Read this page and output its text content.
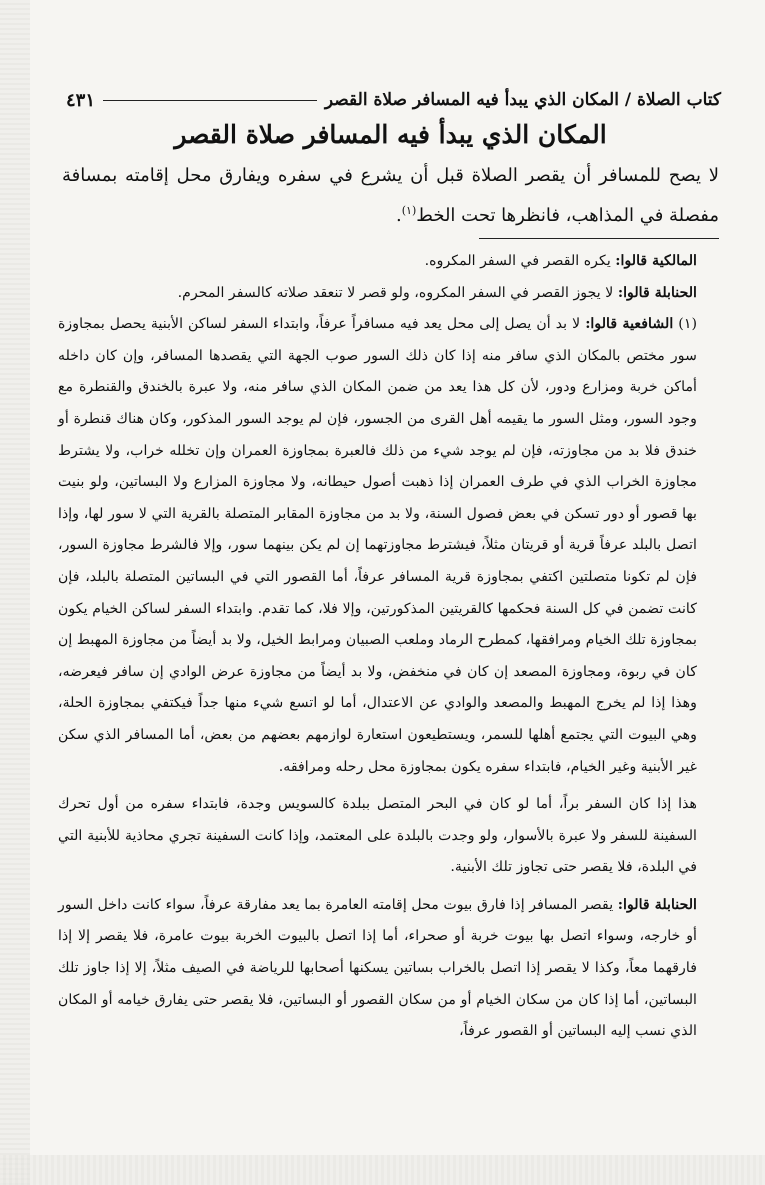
كتاب الصلاة / المكان الذي يبدأ فيه المسافر صلاة القصر
٤٣١
المكان الذي يبدأ فيه المسافر صلاة القصر
لا يصح للمسافر أن يقصر الصلاة قبل أن يشرع في سفره ويفارق محل إقامته بمسافة مفصلة في المذاهب، فانظرها تحت الخط$^{(١)}$.

المالكية قالوا: يكره القصر في السفر المكروه.

الحنابلة قالوا: لا يجوز القصر في السفر المكروه، ولو قصر لا تنعقد صلاته كالسفر المحرم.

(١) الشافعية قالوا: لا بد أن يصل إلى محل يعد فيه مسافراً عرفاً، وابتداء السفر لساكن الأبنية يحصل بمجاوزة سور مختص بالمكان الذي سافر منه إذا كان ذلك السور صوب الجهة التي يقصدها المسافر، وإن كان داخله أماكن خربة ومزارع ودور، لأن كل هذا يعد من ضمن المكان الذي سافر منه، ولا عبرة بالخندق والقنطرة مع وجود السور، ومثل السور ما يقيمه أهل القرى من الجسور، فإن لم يوجد السور المذكور، وكان هناك قنطرة أو خندق فلا بد من مجاوزته، فإن لم يوجد شيء من ذلك فالعبرة بمجاوزة العمران وإن تخلله خراب، ولا يشترط مجاوزة الخراب الذي في طرف العمران إذا ذهبت أصول حيطانه، ولا مجاوزة المزارع ولا البساتين، ولو بنيت بها قصور أو دور تسكن في بعض فصول السنة، ولا بد من مجاوزة المقابر المتصلة بالقرية التي لا سور لها، وإذا اتصل بالبلد عرفاً قرية أو قريتان مثلاً، فيشترط مجاوزتهما إن لم يكن بينهما سور، وإلا فالشرط مجاوزة السور، فإن لم تكونا متصلتين اكتفي بمجاوزة قرية المسافر عرفاً، أما القصور التي في البساتين المتصلة بالبلد، فإن كانت تضمن في كل السنة فحكمها كالقريتين المذكورتين، وإلا فلا، كما تقدم. وابتداء السفر لساكن الخيام يكون بمجاوزة تلك الخيام ومرافقها، كمطرح الرماد وملعب الصبيان ومرابط الخيل، ولا بد أيضاً من مجاوزة المهبط إن كان في ربوة، ومجاوزة المصعد إن كان في منخفض، ولا بد أيضاً من مجاوزة عرض الوادي إن سافر فيعرضه، وهذا إذا لم يخرج المهبط والمصعد والوادي عن الاعتدال، أما لو اتسع شيء منها جداً فيكتفي بمجاوزة الحلة، وهي البيوت التي يجتمع أهلها للسمر، ويستطيعون استعارة لوازمهم بعضهم من بعض، أما المسافر الذي سكن غير الأبنية وغير الخيام، فابتداء سفره يكون بمجاوزة محل رحله ومرافقه.

هذا إذا كان السفر براً، أما لو كان في البحر المتصل ببلدة كالسويس وجدة، فابتداء سفره من أول تحرك السفينة للسفر ولا عبرة بالأسوار، ولو وجدت بالبلدة على المعتمد، وإذا كانت السفينة تجري محاذية للأبنية التي في البلدة، فلا يقصر حتى تجاوز تلك الأبنية.

الحنابلة قالوا: يقصر المسافر إذا فارق بيوت محل إقامته العامرة بما يعد مفارقة عرفاً، سواء كانت داخل السور أو خارجه، وسواء اتصل بها بيوت خربة أو صحراء، أما إذا اتصل بالبيوت الخربة بيوت عامرة، فلا يقصر إلا إذا فارقهما معاً، وكذا لا يقصر إذا اتصل بالخراب بساتين يسكنها أصحابها للرياضة في الصيف مثلاً، إلا إذا جاوز تلك البساتين، أما إذا كان من سكان الخيام أو من سكان القصور أو البساتين، فلا يقصر حتى يفارق خيامه أو المكان الذي نسب إليه البساتين أو القصور عرفاً،
